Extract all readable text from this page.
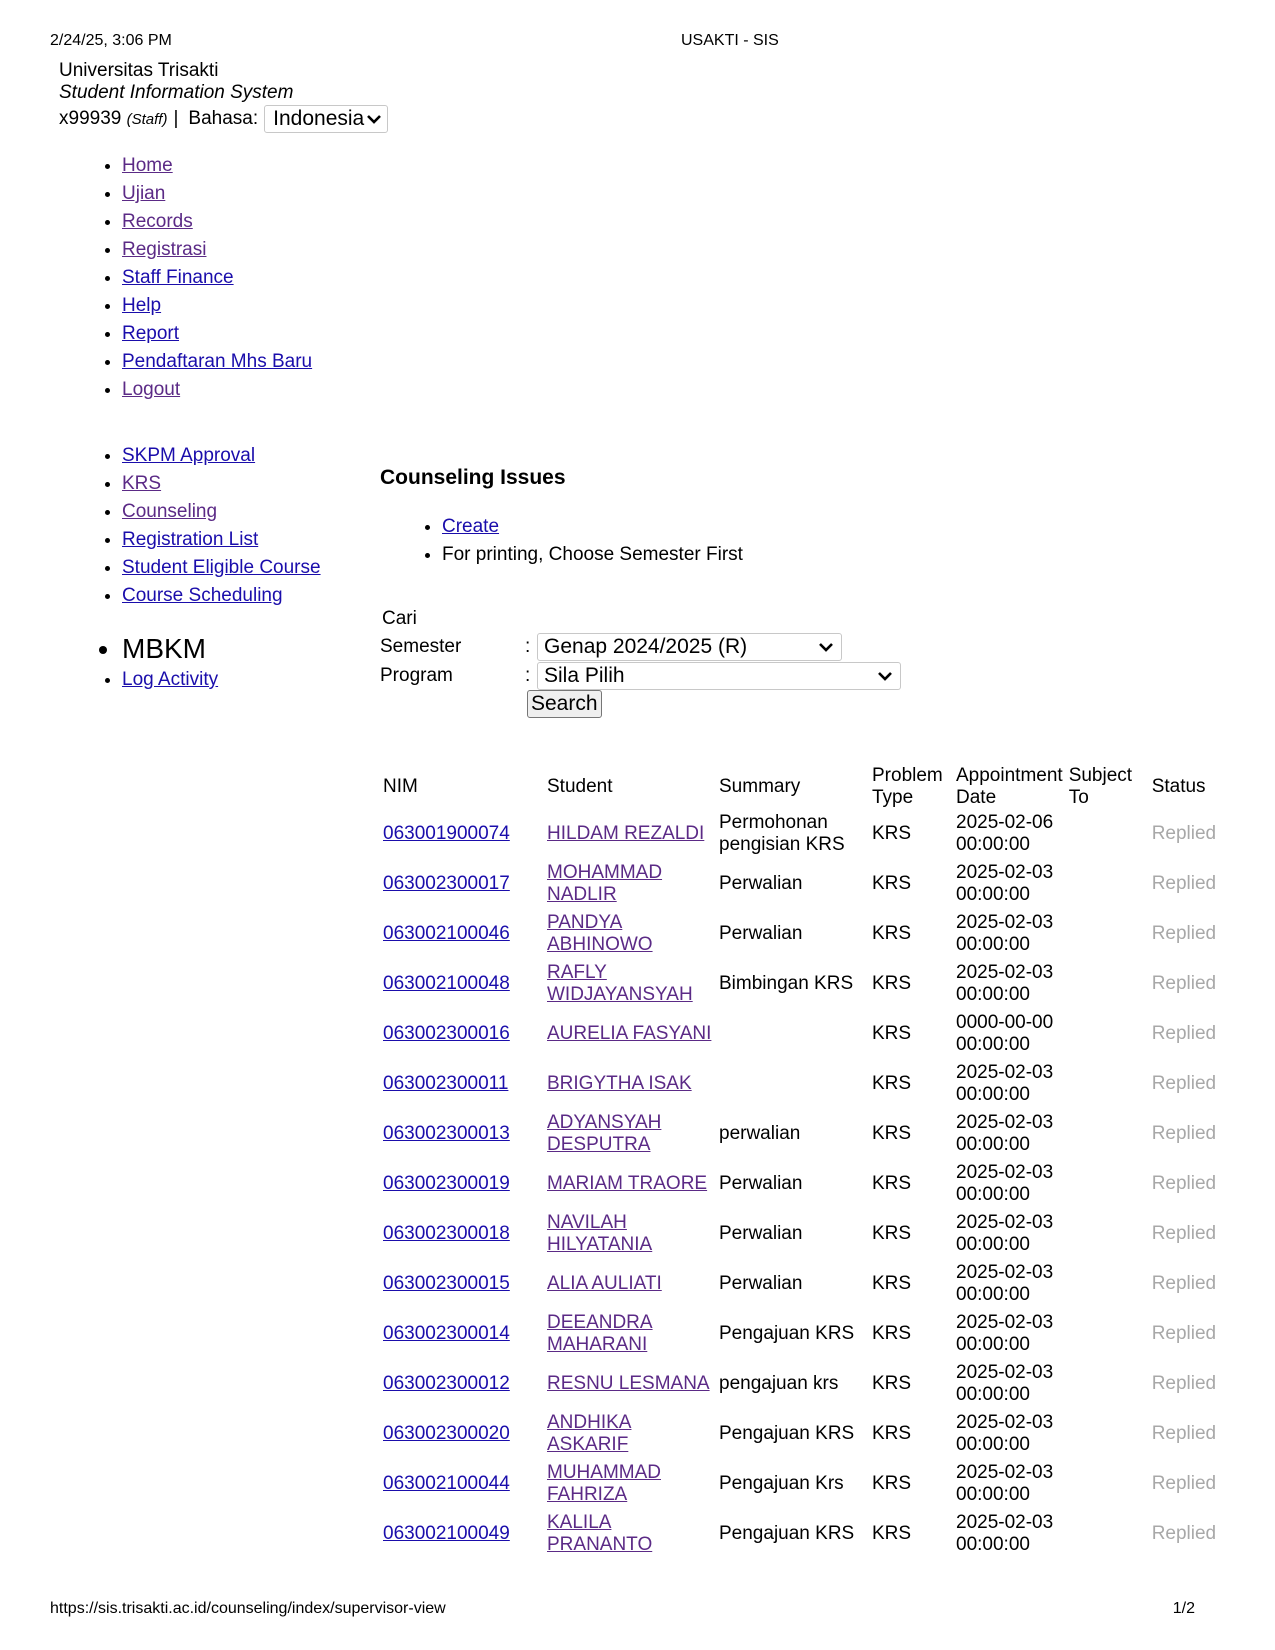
2/24/25, 3:06 PM	USAKTI - SIS
Universitas Trisakti
Student Information System
x99939
(Staff) | Bahasa: Indonesia
• Home
• Ujian
• Records
• Registrasi
• Staff Finance
• Help
• Report
• Pendaftaran Mhs Baru
• Logout
• SKPM Approval
• KRS
• Counseling
• Registration List
• Student Eligible Course
• Course Scheduling
• MBKM
• Log Activity
Counseling Issues
• Create
• For printing, Choose Semester First
Cari
Semester	: Genap 2024/2025 (R)
Program	: Sila Pilih
Search
NIM	Student	Summary	Problem Type	Appointment Date	Subject To	Status
063001900074	HILDAM REZALDI	Permohonan pengisian KRS	KRS	2025-02-06 00:00:00		Replied
063002300017	MOHAMMAD NADLIR	Perwalian	KRS	2025-02-03 00:00:00		Replied
063002100046	PANDYA ABHINOWO	Perwalian	KRS	2025-02-03 00:00:00		Replied
063002100048	RAFLY WIDJAYANSYAH	Bimbingan KRS	KRS	2025-02-03 00:00:00		Replied
063002300016	AURELIA FASYANI		KRS	0000-00-00 00:00:00		Replied
063002300011	BRIGYTHA ISAK		KRS	2025-02-03 00:00:00		Replied
063002300013	ADYANSYAH DESPUTRA	perwalian	KRS	2025-02-03 00:00:00		Replied
063002300019	MARIAM TRAORE	Perwalian	KRS	2025-02-03 00:00:00		Replied
063002300018	NAVILAH HILYATANIA	Perwalian	KRS	2025-02-03 00:00:00		Replied
063002300015	ALIA AULIATI	Perwalian	KRS	2025-02-03 00:00:00		Replied
063002300014	DEEANDRA MAHARANI	Pengajuan KRS	KRS	2025-02-03 00:00:00		Replied
063002300012	RESNU LESMANA	pengajuan krs	KRS	2025-02-03 00:00:00		Replied
063002300020	ANDHIKA ASKARIF	Pengajuan KRS	KRS	2025-02-03 00:00:00		Replied
063002100044	MUHAMMAD FAHRIZA	Pengajuan Krs	KRS	2025-02-03 00:00:00		Replied
063002100049	KALILA PRANANTO	Pengajuan KRS	KRS	2025-02-03 00:00:00		Replied
https://sis.trisakti.ac.id/counseling/index/supervisor-view	1/2
